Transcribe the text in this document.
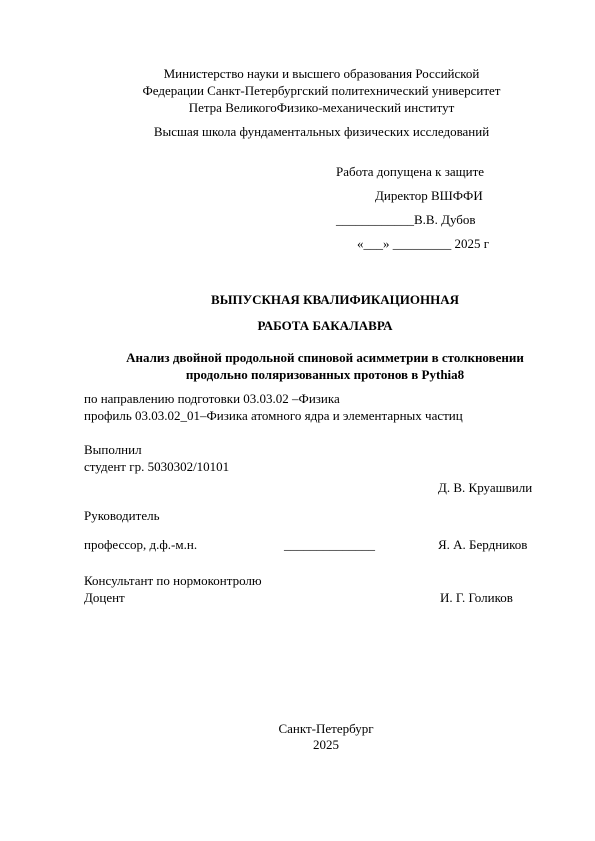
Министерство науки и высшего образования Российской
Федерации Санкт-Петербургский политехнический университет
Петра ВеликогоФизико-механический институт
Высшая школа фундаментальных физических исследований
Работа допущена к защите
Директор ВШФФИ
____________В.В. Дубов
«___» _________ 2025 г
ВЫПУСКНАЯ КВАЛИФИКАЦИОННАЯ
РАБОТА БАКАЛАВРА
Анализ двойной продольной спиновой асимметрии в столкновении
продольно поляризованных протонов в Pythia8
по направлению подготовки 03.03.02 –Физика
профиль 03.03.02_01–Физика атомного ядра и элементарных частиц
Выполнил
студент гр. 5030302/10101
Д. В. Круашвили
Руководитель
профессор, д.ф.-м.н.	______________	Я. А. Бердников
Консультант по нормоконтролю
Доцент	И. Г. Голиков
Санкт-Петербург
2025
